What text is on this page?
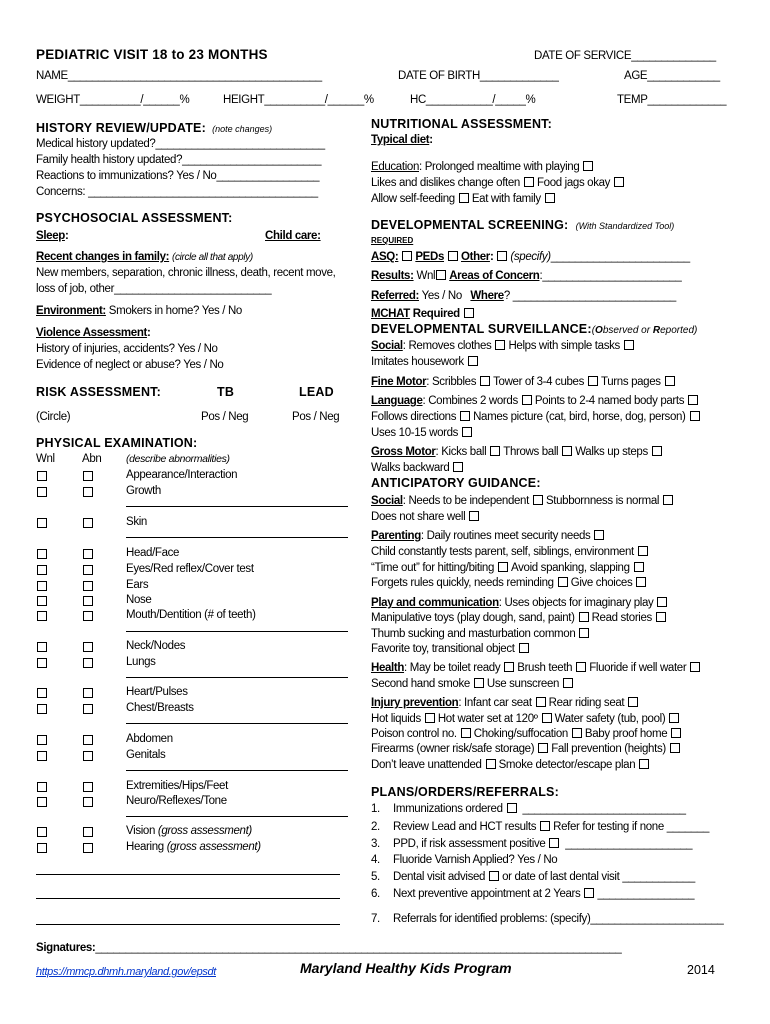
PEDIATRIC VISIT 18 to 23 MONTHS	DATE OF SERVICE______________
NAME__________________________________________	DATE OF BIRTH_____________	AGE____________
WEIGHT__________/______%	HEIGHT__________/______%	HC___________/_____%	TEMP_____________
HISTORY REVIEW/UPDATE: (note changes)
Medical history updated?____________________________
Family health history updated?_______________________
Reactions to immunizations? Yes / No_________________
Concerns: ______________________________________
PSYCHOSOCIAL ASSESSMENT:
Sleep:	Child care:
Recent changes in family: (circle all that apply)
New members, separation, chronic illness, death, recent move,
loss of job, other__________________________
Environment: Smokers in home? Yes / No
Violence Assessment:
History of injuries, accidents? Yes / No
Evidence of neglect or abuse? Yes / No
RISK ASSESSMENT:	TB	LEAD
(Circle)	Pos / Neg	Pos / Neg
PHYSICAL EXAMINATION:
Wnl Abn (describe abnormalities)
Appearance/Interaction
Growth
Skin
Head/Face
Eyes/Red reflex/Cover test
Ears
Nose
Mouth/Dentition (# of teeth)
Neck/Nodes
Lungs
Heart/Pulses
Chest/Breasts
Abdomen
Genitals
Extremities/Hips/Feet
Neuro/Reflexes/Tone
Vision (gross assessment)
Hearing (gross assessment)
NUTRITIONAL ASSESSMENT:
Typical diet:
Education: Prolonged mealtime with playing
Likes and dislikes change often Food jags okay
Allow self-feeding Eat with family
DEVELOPMENTAL SCREENING: (With Standardized Tool)
REQUIRED
ASQ: PEDs Other: (specify)_______________________
Results: Wnl Areas of Concern:_______________________
Referred: Yes / No Where? ___________________________
MCHAT Required
DEVELOPMENTAL SURVEILLANCE:(Observed or Reported)
Social: Removes clothes Helps with simple tasks
Imitates housework
Fine Motor: Scribbles Tower of 3-4 cubes Turns pages
Language: Combines 2 words Points to 2-4 named body parts
Follows directions Names picture (cat, bird, horse, dog, person)
Uses 10-15 words
Gross Motor: Kicks ball Throws ball Walks up steps
Walks backward
ANTICIPATORY GUIDANCE:
Social: Needs to be independent Stubbornness is normal
Does not share well
Parenting: Daily routines meet security needs
Child constantly tests parent, self, siblings, environment
“Time out” for hitting/biting Avoid spanking, slapping
Forgets rules quickly, needs reminding Give choices
Play and communication: Uses objects for imaginary play
Manipulative toys (play dough, sand, paint) Read stories
Thumb sucking and masturbation common
Favorite toy, transitional object
Health: May be toilet ready Brush teeth Fluoride if well water
Second hand smoke Use sunscreen
Injury prevention: Infant car seat Rear riding seat
Hot liquids Hot water set at 120º Water safety (tub, pool)
Poison control no. Choking/suffocation Baby proof home
Firearms (owner risk/safe storage) Fall prevention (heights)
Don’t leave unattended Smoke detector/escape plan
PLANS/ORDERS/REFERRALS:
1. Immunizations ordered ___________________________
2. Review Lead and HCT results Refer for testing if none _______
3. PPD, if risk assessment positive _____________________
4. Fluoride Varnish Applied? Yes / No
5. Dental visit advised or date of last dental visit ____________
6. Next preventive appointment at 2 Years ________________
7. Referrals for identified problems: (specify)______________________
Signatures:_______________________________________________________________________________________
https://mmcp.dhmh.maryland.gov/epsdt	Maryland Healthy Kids Program	2014
